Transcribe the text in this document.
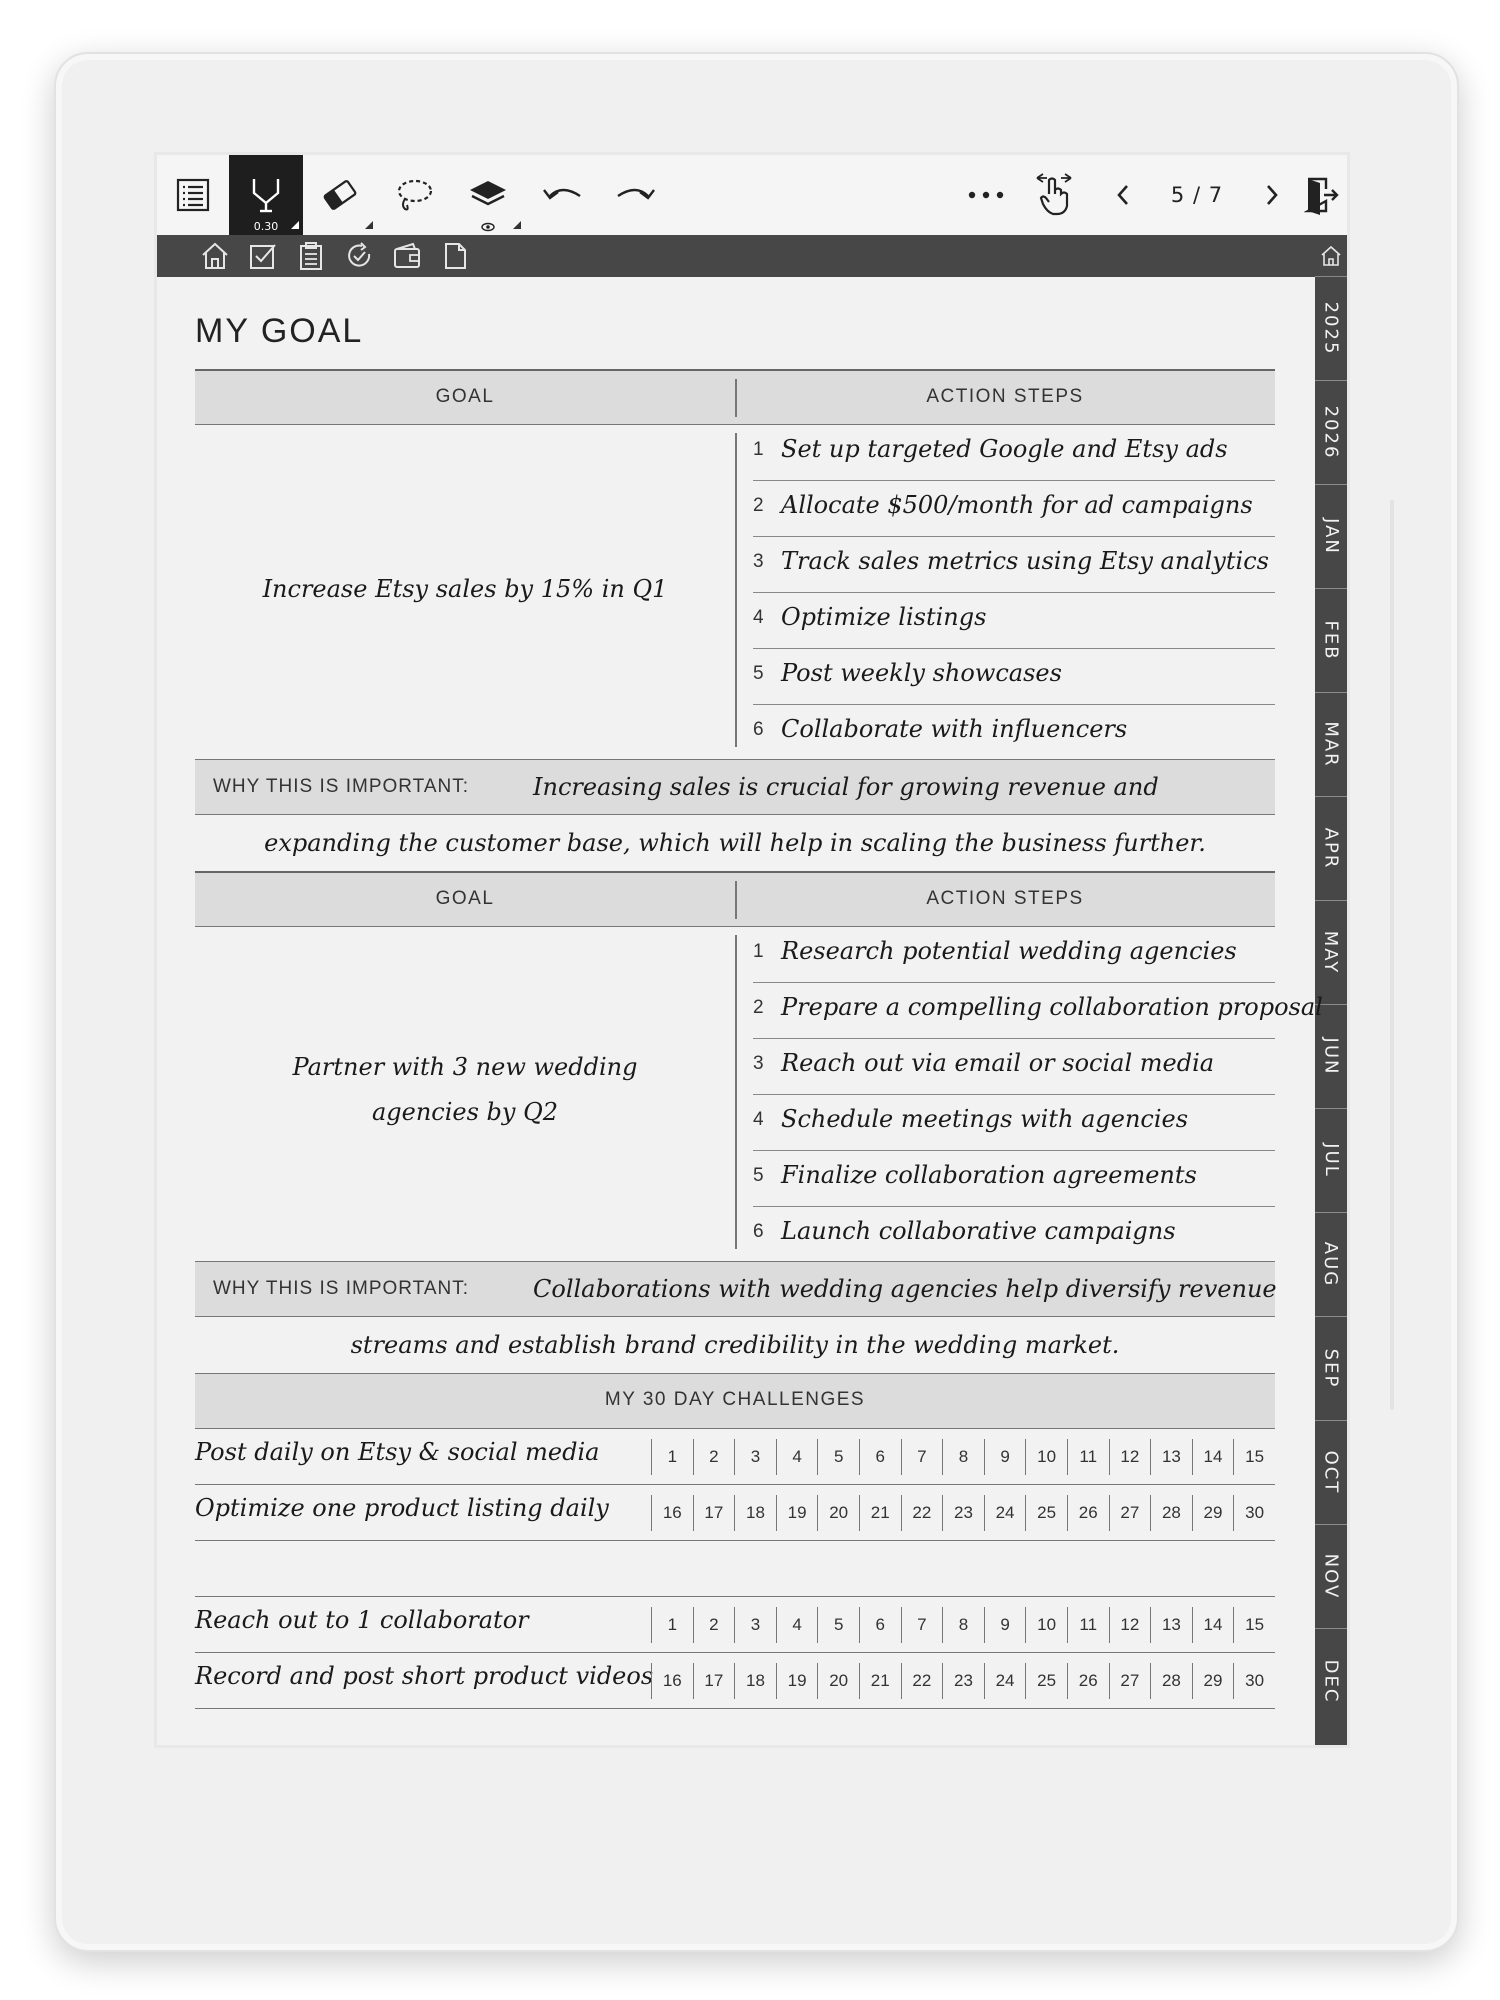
0.30
5 / 7
2025
2026
JAN
FEB
MAR
APR
MAY
JUN
JUL
AUG
SEP
OCT
NOV
DEC
MY GOAL
GOAL	ACTION STEPS
Increase Etsy sales by 15% in Q1
1 Set up targeted Google and Etsy ads
2 Allocate $500/month for ad campaigns
3 Track sales metrics using Etsy analytics
4 Optimize listings
5 Post weekly showcases
6 Collaborate with influencers
WHY THIS IS IMPORTANT:	Increasing sales is crucial for growing revenue and
expanding the customer base, which will help in scaling the business further.
GOAL	ACTION STEPS
Partner with 3 new wedding
agencies by Q2
1 Research potential wedding agencies
2 Prepare a compelling collaboration proposal
3 Reach out via email or social media
4 Schedule meetings with agencies
5 Finalize collaboration agreements
6 Launch collaborative campaigns
WHY THIS IS IMPORTANT:	Collaborations with wedding agencies help diversify revenue
streams and establish brand credibility in the wedding market.
MY 30 DAY CHALLENGES
Post daily on Etsy & social media	1	2	3	4	5	6	7	8	9	10	11	12	13	14	15
Optimize one product listing daily	16	17	18	19	20	21	22	23	24	25	26	27	28	29	30
Reach out to 1 collaborator	1	2	3	4	5	6	7	8	9	10	11	12	13	14	15
Record and post short product videos 16	17	18	19	20	21	22	23	24	25	26	27	28	29	30
